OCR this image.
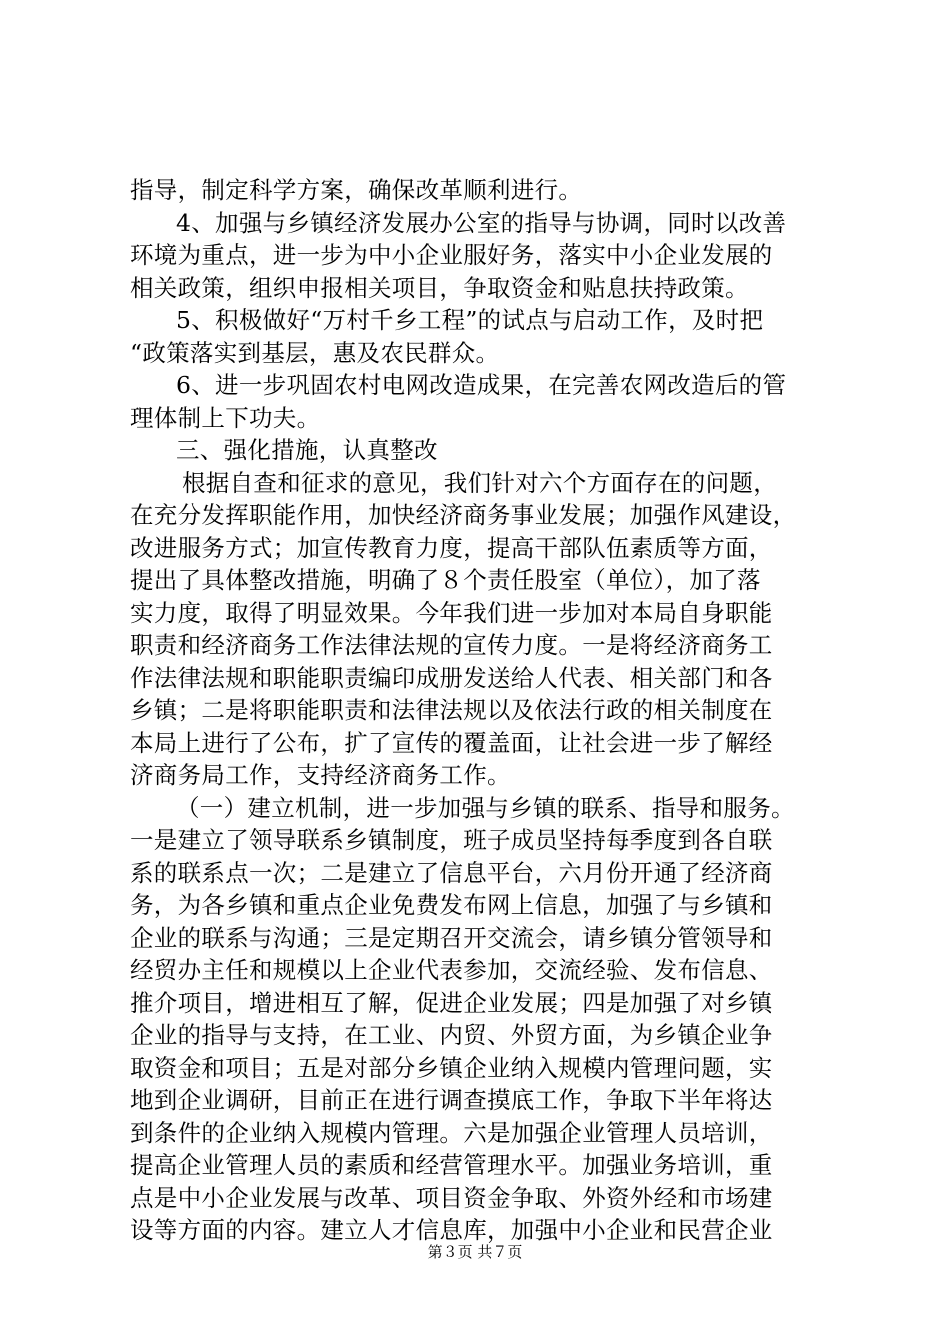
指导，制定科学方案，确保改革顺利进行。
4、加强与乡镇经济发展办公室的指导与协调，同时以改善
环境为重点，进一步为中小企业服好务，落实中小企业发展的
相关政策，组织申报相关项目，争取资金和贴息扶持政策。
5、积极做好“万村千乡工程”的试点与启动工作，及时把
“政策落实到基层，惠及农民群众。
6、进一步巩固农村电网改造成果，在完善农网改造后的管
理体制上下功夫。
三、强化措施，认真整改
根据自查和征求的意见，我们针对六个方面存在的问题，
在充分发挥职能作用，加快经济商务事业发展；加强作风建设，
改进服务方式；加宣传教育力度，提高干部队伍素质等方面，
提出了具体整改措施，明确了８个责任股室（单位），加了落
实力度，取得了明显效果。今年我们进一步加对本局自身职能
职责和经济商务工作法律法规的宣传力度。一是将经济商务工
作法律法规和职能职责编印成册发送给人代表、相关部门和各
乡镇；二是将职能职责和法律法规以及依法行政的相关制度在
本局上进行了公布，扩了宣传的覆盖面，让社会进一步了解经
济商务局工作，支持经济商务工作。
（一）建立机制，进一步加强与乡镇的联系、指导和服务。
一是建立了领导联系乡镇制度，班子成员坚持每季度到各自联
系的联系点一次；二是建立了信息平台，六月份开通了经济商
务，为各乡镇和重点企业免费发布网上信息，加强了与乡镇和
企业的联系与沟通；三是定期召开交流会，请乡镇分管领导和
经贸办主任和规模以上企业代表参加，交流经验、发布信息、
推介项目，增进相互了解，促进企业发展；四是加强了对乡镇
企业的指导与支持，在工业、内贸、外贸方面，为乡镇企业争
取资金和项目；五是对部分乡镇企业纳入规模内管理问题，实
地到企业调研，目前正在进行调查摸底工作，争取下半年将达
到条件的企业纳入规模内管理。六是加强企业管理人员培训，
提高企业管理人员的素质和经营管理水平。加强业务培训，重
点是中小企业发展与改革、项目资金争取、外资外经和市场建
设等方面的内容。建立人才信息库，加强中小企业和民营企业
第３页 共７页
